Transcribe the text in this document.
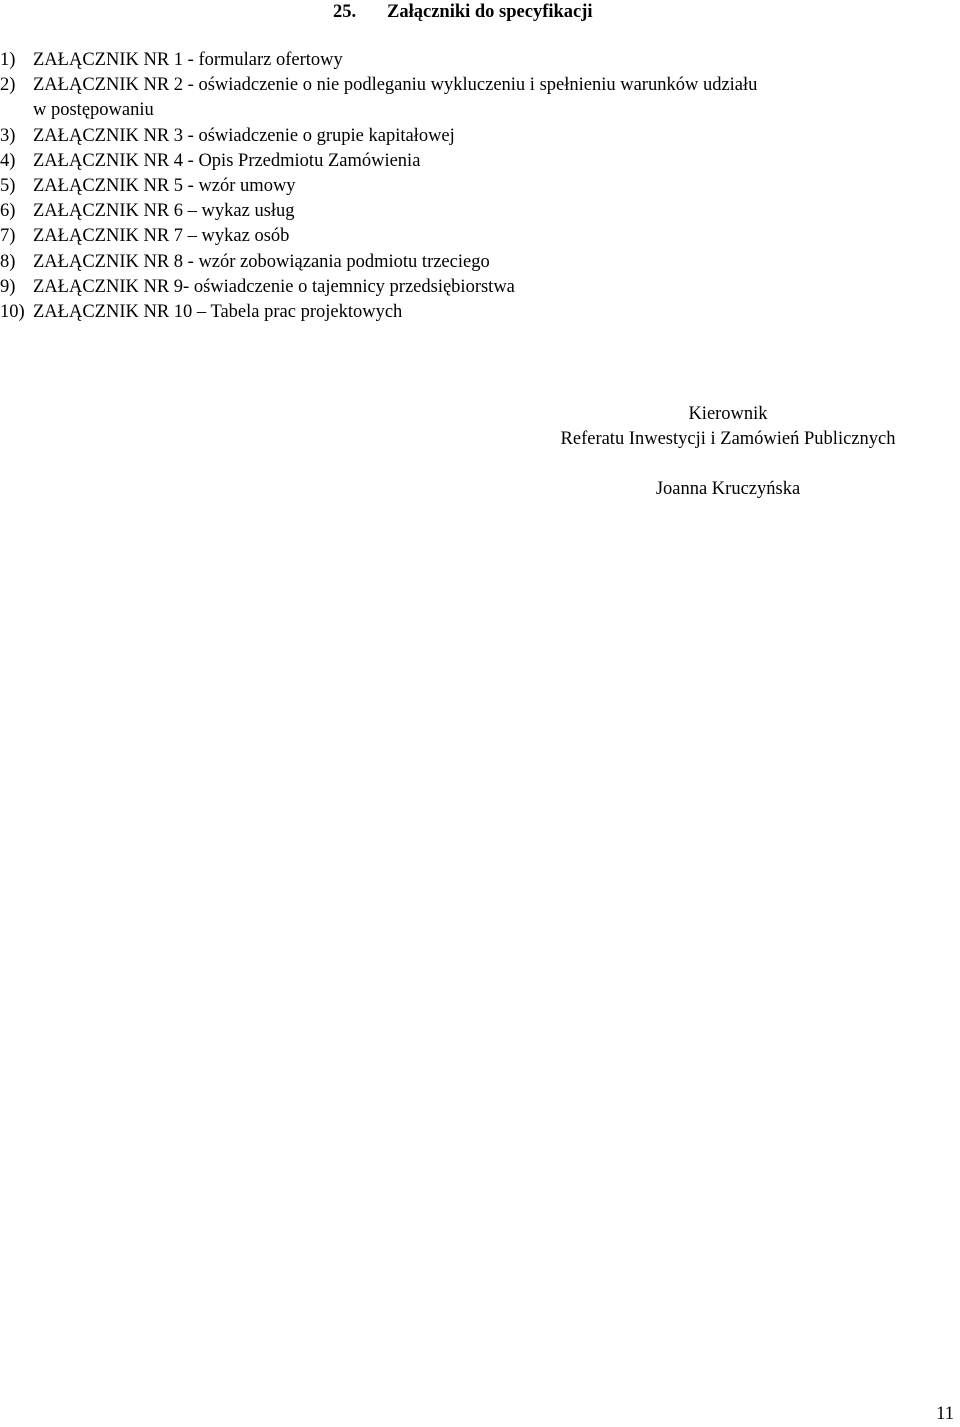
25. Załączniki do specyfikacji
1) ZAŁĄCZNIK NR 1 - formularz ofertowy
2) ZAŁĄCZNIK NR 2 - oświadczenie o nie podleganiu wykluczeniu i spełnieniu warunków udziału
w postępowaniu
3) ZAŁĄCZNIK NR 3 - oświadczenie o grupie kapitałowej
4) ZAŁĄCZNIK NR 4 - Opis Przedmiotu Zamówienia
5) ZAŁĄCZNIK NR 5 - wzór umowy
6) ZAŁĄCZNIK NR 6 – wykaz usług
7) ZAŁĄCZNIK NR 7 – wykaz osób
8) ZAŁĄCZNIK NR 8 - wzór zobowiązania podmiotu trzeciego
9) ZAŁĄCZNIK NR 9- oświadczenie o tajemnicy przedsiębiorstwa
10) ZAŁĄCZNIK NR 10 – Tabela prac projektowych
Kierownik
Referatu Inwestycji i Zamówień Publicznych
Joanna Kruczyńska
11
